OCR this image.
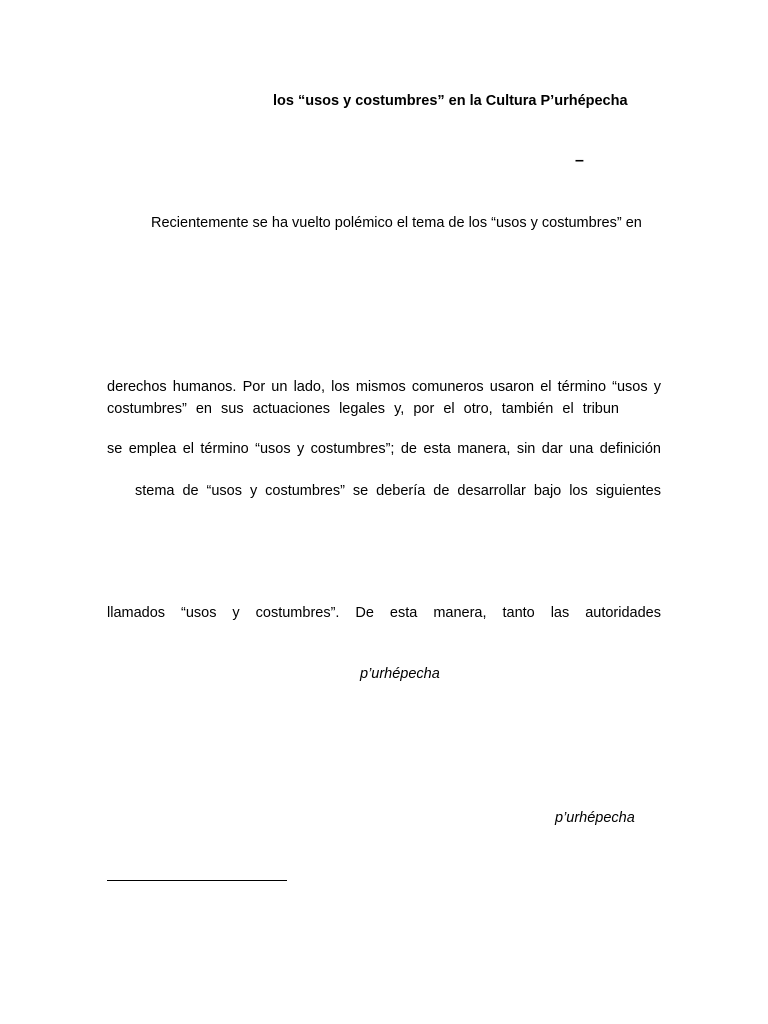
los “usos y costumbres” en la Cultura P’urhépecha
–
Recientemente se ha vuelto polémico el tema de los “usos y costumbres” en
derechos humanos. Por un lado, los mismos comuneros usaron el término “usos y
costumbres” en sus actuaciones legales y, por el otro, también el tribun
se emplea el término “usos y costumbres”; de esta manera, sin dar una definición
stema de “usos y costumbres” se debería de desarrollar bajo los siguientes
llamados “usos y costumbres”. De esta manera, tanto las autoridades
p’urhépecha
p’urhépecha
